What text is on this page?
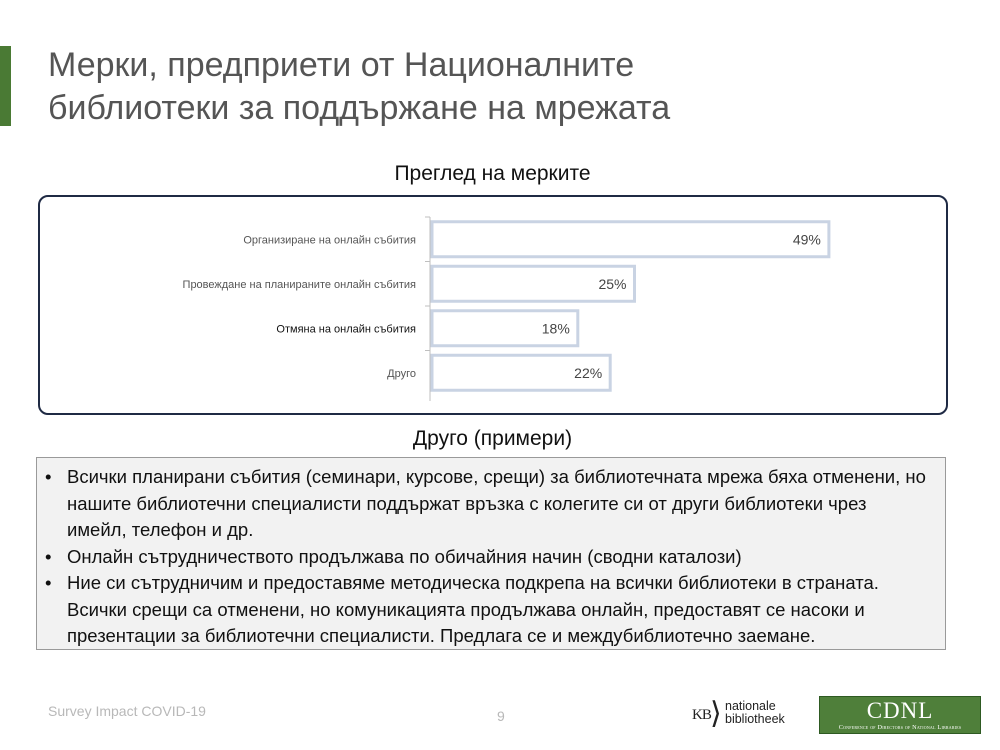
Мерки, предприети от Националните
библиотеки за поддържане на мрежата
Преглед на мерките
Организиране на онлайн събития	49%
Провеждане на планираните онлайн събития	25%
Отмяна на онлайн събития	18%
Друго	22%
Друго (примери)
• Всички планирани събития (семинари, курсове, срещи) за библиотечната мрежа бяха отменени, но нашите библиотечни специалисти поддържат връзка с колегите си от други библиотеки чрез имейл, телефон и др.
• Онлайн сътрудничеството продължава по обичайния начин (сводни каталози)
• Ние си сътрудничим и предоставяме методическа подкрепа на всички библиотеки в страната. Всички срещи са отменени, но комуникацията продължава онлайн, предоставят се насоки и презентации за библиотечни специалисти. Предлага се и междубиблиотечно заемане.
Survey Impact COVID-19	9	KB ⟩ nationale
bibliotheek	CDNL
Conference of Directors of National Libraries
